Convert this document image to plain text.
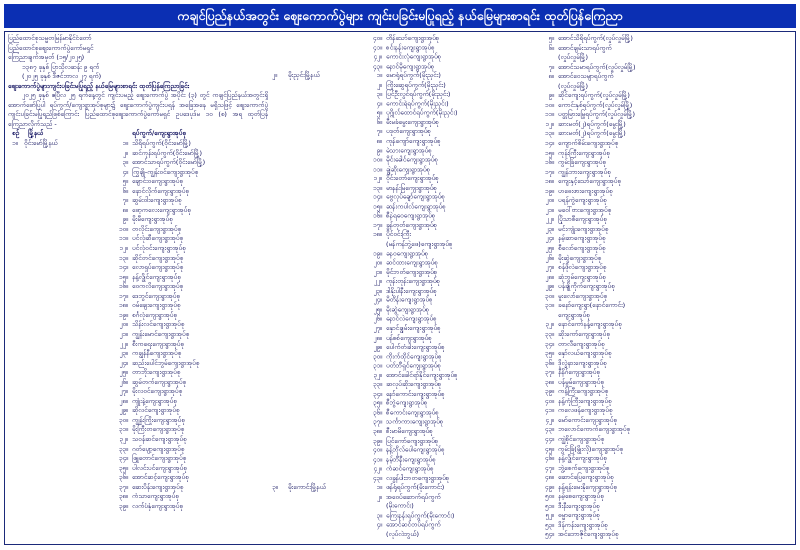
ကချင်ပြည်နယ်အတွင်း ဈေးကောက်ပွဲများ ကျင်းပခြင်းမပြုရည့် နယ်မြေများစာရင်း ထုတ်ပြန်ကြေညာ
ပြည်ထောင်စုသမ္မတမြန်မာနိုင်ငံတော်
ပြည်ထောင်စုဈေးကောက်ပွဲကော်မရှင်
ကြေညာချက်အမှတ် (၁၅/၂၀၂၅)
၁၃၈၇ ခုနှစ် ပြာသိုလဆန်း ၉ ရက်
(၂၀၂၅ ခုနှစ် ဒီဇင်ဘာလ ၂၇ ရက်)
ဈေးကောက်ပွဲများကျင်းပခြင်းမပြုရည့် နယ်မြေများစာရင်း ထုတ်ပြန်ကြေညာခြင်း
၂၀၂၅ ခုနှစ် ဧပြီလ ၂၅ ရက်နေ့တွင် ကျင်းပမည့် ဈေးကောက်ပွဲ အပိုင်း (၃) တွင် ကချင်ပြည်နယ်အတွင်းရှိ အောက်ဖော်ပြပါ ရပ်ကွက်/ကျေးရွာအုပ်စုများ၌ ဈေးကောက်ပွဲကျင်းပရန် အခြေအနေ မရှိသဖြင့် ဈေးကောက်ပွဲ ကျင်းပခြင်းမပြုရည်ဖြစ်ကြောင်း ပြည်ထောင်စုဈေးကောက်ပွဲကော်မရှင် ဥပဒေပုဒ်မ ၁၀ (စ) အရ ထုတ်ပြန် ကြေညာလိုက်သည် -
စဉ် မြို့နယ်	ရပ်ကွက်/ကျေးရွာအုပ်စု
၁။ ဝိုင်းမော်မြို့နယ်	၁။ သိရိရပ်ကွက်(ဝိုင်းမော်မြို့)
၂။ ဆင်ကုန်းရပ်ကွက်(ဝိုင်းမော်မြို့)
၃။ အောင်သာရပ်ကွက်(ဝိုင်းမော်မြို့)
၄။ ကြွချို-ကျွန်းဝင်ကျေးရွာအုပ်စု
၅။ ချောင်းဝကျေးရွာအုပ်စု
၆။ နောင်လိုက်ကျေးရွာအုပ်စု
၇။ ဆွမ်းဝါးကျေးရွာအုပ်စု
၈။ ဖော့ကလေးကျေးရွာအုပ်စု
၉။ မိုးမီကျေးရွာအုပ်စု
၁၀။ တလိုင်းကျေးရွာအုပ်စု
၁၁။ ပင်လုံဆီကျေးရွာအုပ်စု
၁၂။ ပင်လုံဝင်းကျေးရွာအုပ်စု
၁၃။ ဆိုင်တင်ကျေးရွာအုပ်စု
၁၄။ လောရှပ်ကျေးရွာအုပ်စု
၁၅။ နန့်လွိုင်ကျေးရွာအုပ်စု
၁၆။ ဝေကလိကျေးရွာအုပ်စု
၁၇။ ဒေဘွင်ကျေးရွာအုပ်စု
၁၈။ ဝမ်ချေးကျေးရွာအုပ်စု
၁၉။ စင်္ဂလုံကျေးရွာအုပ်စု
၂၀။ သိန်းလင်ကျေးရွာအုပ်စု
၂၁။ ကျွန်းမောင်ကျေးရွာအုပ်စု
၂၂။ စီးကရေးကျေးရွာအုပ်စု
၂၃။ ကချွန်နီကျေးရွာအုပ်စု
၂၄။ ဆည်းပေါင်ဘွမ်ကျေးရွာအုပ်စု
၂၅။ တာဘိုးကျေးရွာအုပ်စု
၂၆။ ဆွမ်တက်ကျေးရွာအုပ်စု
၂၇။ မိုးလဝင်ကျေးရွာအုပ်စု
၂၈။ ကျုံးနဲ့ကျေးရွာအုပ်စု
၂၉။ ဆိုလင်ကျေးရွာအုပ်စု
၃၀။ ကျွန်းကြိုးကျေးရွာအုပ်စု
၃၁။ မိုးကြီးတကျေးရွာအုပ်စု
၃၂။ သဝန်ဆင်ကျေးရွာအုပ်စု
၃၃။ ဂတ်ပျော့ကျေးရွာအုပ်စု
၃၄။ ဖြူတောင်ကျေးရွာအုပ်စု
၃၅။ ပါလင်းပင်ကျေးရွာအုပ်စု
၃၆။ အောင်ဆင့်ကျေးရွာအုပ်စု
၃၇။ ဆေးပိန်းကျေးရွာအုပ်စု
၃၈။ ကံသာကျေးရွာအုပ်စု
၃၉။ လက်ပံနှံကျေးရွာအုပ်စု
၄၀။ တိန်သော်ကျေးရွာအုပ်စု
၄၁။ စင်းနန်းကျေးရွာအုပ်စု
၄၂။ ကောင်းလုံကျေးရွာအုပ်စု
၄၃။ နောင်မိုကျေးရွာအုပ်စု
၂။ မိုးညှင်းမြို့နယ်	၁။ မောရုံရပ်ကွက်(မိုးညှင်း)
၂။ ကြိုးဆွေရပ်ကွက်(မိုးညှင်း)
၃။ ပြင်ဦးလွင်ရပ်ကွက်(မိုးညှင်း)
၄။ ကောင်းရဲရပ်ကွက်(မိုးညှင်း)
၅။ ပုဂ္ဂိုလ်ထောင်ရပ်ကွက်(မိုးညှင်း)
၆။ မီးမခံမွေးကျေးရွာအုပ်စု
၇။ ပဒုတ်ကျေးရွာအုပ်စု
၈။ ကုန်ကျော်ကျေးရွာအုပ်စု
၉။ မဲသားကျေးရွာအုပ်စု
၁၀။ မိုင်းခေါင်ကျေးရွာအုပ်စု
၁၁။ ချွဲဆိုးကျေးရွာအုပ်စု
၁၂။ ဝိုင်းတော်ကျေးရွာအုပ်စု
၁၃။ မာနန်းမြကျေးရွာအုပ်စု
၁၄။ ဗွေလုပ်ချော်ကျေးရွာအုပ်စု
၁၅။ ဆန်းကပါလ်ကျေးရွာအုပ်စု
၁၆။ စီနဲရဝေကျေးရွာအုပ်စု
၁၇။ ခွန်တုတ်ကျေးရွာအုပ်စု
၁၈။ ပိုင်ဝင်းကြီး
(မန်ကန်ဘွဲ့ဖေ)ကျေးရွာအုပ်စု
၁၉။ ခနဝကျေးရွာအုပ်စု
၂၀။ ဆင်ထားကျေးရွာအုပ်စု
၂၁။ မိုင်ဘတ်ကျေးရွာအုပ်စု
၂၂။ ကုန်းတုန်းကျေးရွာအုပ်စု
၂၃။ ဒါနိုးပါနီးကျေးရွာအုပ်စု
၂၄။ မိတိန်းကျေးရွာအုပ်စု
၂၅။ မိုးဆွဲကျေးရွာအုပ်စု
၂၆။ နောင်လဲကျေးရွာအုပ်စု
၂၇။ နှောင်ချွမ်းကျေးရွာအုပ်စု
၂၈။ ပန်စစ်ကျေးရွာအုပ်စု
၂၉။ ပေါက်တံခါးကျေးရွာအုပ်စု
၃၀။ ကိုးက်ထိုင်ကျေးရွာအုပ်စု
၃၁။ ပတ်ဘီရှင်ကျေးရွာအုပ်စု
၃၂။ အောင်ခေါင်ရာ်နိုင်ကျေးရွာအုပ်စု
၃၃။ ဆလုပ်ဆိုးကျေးရွာအုပ်စု
၃၄။ နော်ကောင်းကျေးရွာအုပ်စု
၃၅။ စီဘွဲကျေးရွာအုပ်စု
၃၆။ စီကောင်းကျေးရွာအုပ်စု
၃၇။ သင်္ကာကားကျေးရွာအုပ်စု
၃၈။ စီးမာမိကျေးရွာအုပ်စု
၃၉။ ပြင်ကော်ကျေးရွာအုပ်စု
၄၀။ နန့်ဘိုလ်ပေါကျေးရွာအုပ်စု
၄၁။ နမ့်ဘီနီးကျေးရွာအုပ်စု
၄၂။ ကံဆင်ကျေးရွာအုပ်စု
၄၃။ လခွန်ပါးဘတကျေးရွာအုပ်စု
၃။ မိုးကောင်းမြို့နယ်	၁။ ဖန်ရုံရပ်ကွက်(မိုးကောင်း)
၂။ အဝေပ်ဆောက်ရပ်ကွက်
(မိုးကောင်း)
၃။ ကြေးနန်းရပ်ကွက်(မိုးကောင်း)
၄။ အောင်ဆင်တပ်ရပ်ကွက်
(လုပ်လဲဘွယ်)
၅။ အောင်သိရိရပ်ကွက်(လှုပ်လှုမ်မြို့)
၆။ အောင်ချမ်းသာရပ်ကွက်
(လှုပ်လှုမ်မြို့)
၇။ အောင်သမာရပ်ကွက်(လှုပ်လှုမ်မြို့)
၈။ အောင်ဝေသမျာရပ်ကွက်
(လှုပ်လှုမ်မြို့)
၉။ ဆိုင်ကျေးရပ်ကွက်(လှုပ်လှုမ်မြို့)
၁၀။ ကောင်းနှစ်ရပ်ကွက်(လှုပ်လှုမ်မြို့)
၁၁။ ပတ္တမြားမြေ့ရပ်ကွက်(လှုပ်လှုမ်မြို့)
၁၂။ ဆားမတ်(၂)ရပ်ကွက်(မွေးမြို့)
၁၃။ ဆားမတ်(၂)ရပ်ကွက်(မွေးမြို့)
၁၄။ ကျောက်စိမ်းကျေးရွာအုပ်စု
၁၅။ ကုန်းကြီးကျေးရွာအုပ်စု
၁၆။ ကွမ်းခြံကျေးရွာအုပ်စု
၁၇။ ကျွန်ဘားကျေးရွာအုပ်စု
၁၈။ ကျေးနှင့်သော်ကျေးရွာအုပ်စု
၁၉။ ဟဓေးဖားကျေးရွာအုပ်စု
၂၀။ ပရန်ကွဲကျေးရွာအုပ်စု
၂၁။ မဝေါ်ဗားကျေးရွာအုပ်စု
၂၂။ ပြိုသာစီကျေးရွာအုပ်စု
၂၃။ မင်းကျုံးကျေးရွာအုပ်စု
၂၄။ နမ့်ဆာကျေးရွာအုပ်စု
၂၅။ စီလော်ကျေးရွာအုပ်စု
၂၆။ မိုးဆွဲကျေးရွာအုပ်စု
၂၇။ စန်ဖိုလဲကျေးရွာအုပ်စု
၂၈။ ဆုံဘွမ်ကျေးရွာအုပ်စု
၂၉။ ပန်ချိုကိုက်ကျေးရွာအုပ်စု
၃၀။ မူးလော်ကျေးရွာအုပ်စု
၃၁။ ခနော်ကျေးရွာ(နောင်ကောင်း)
ကျေးရွာအုပ်စု
၃၂။ နောင်ကော်နန့်ကျေးရွာအုပ်စု
၃၃။ ဆိုးကော်ကျေးရွာအုပ်စု
၃၄။ တာလီကျေးရွာအုပ်စု
၃၅။ နှော်လယ်ကျေးရွာအုပ်စု
၃၆။ ဒိုလ္ခဲနားကျေးရွာအုပ်စု
၃၇။ နီနိဂ်ကျေးရွာအုပ်စု
၃၈။ ပန်မွမ်ကျေးရွာအုပ်စု
၃၉။ ကန့်ကြီးကျေးရွာအုပ်စု
၄၀။ နန့်ကုံကြီးကျေးရွာအုပ်စု
၄၁။ ကလေဖန်ကျေးရွာအုပ်စု
၄၂။ မော်ကောင်းကျေးရွာအုပ်စု
၄၃။ ဘလောင်ကောက်ကျေးရွာအုပ်စု
၄၄။ ကျွဲစိုင်ကျေးရွာအုပ်စု
၄၅။ ကွမ်းခြံ(မွိုးလို)ကျေးရွာအုပ်စု
၄၆။ နန့်လွိုင်ကျေးရွာအုပ်စု
၄၇။ ဘွဲ့စေက်ကျေးရွာအုပ်စု
၄၈။ ဆောင်ပြေကျေးရွာအုပ်စု
၄၉။ နန့်ရန်းမေးနိုကျေးရွာအုပ်စု
၅၀။ နမ့်စေကျေးရွာအုပ်စု
၅၁။ ဒီးနီးကျေးရွာအုပ်စု
၅၂။ ဓမ္မာကျေးရွာအုပ်စု
၅၃။ ဒိန်ကန်းကျေးရွာအုပ်စု
၅၄။ အင်ဘောဇိုင်ကျေးရွာအုပ်စု
